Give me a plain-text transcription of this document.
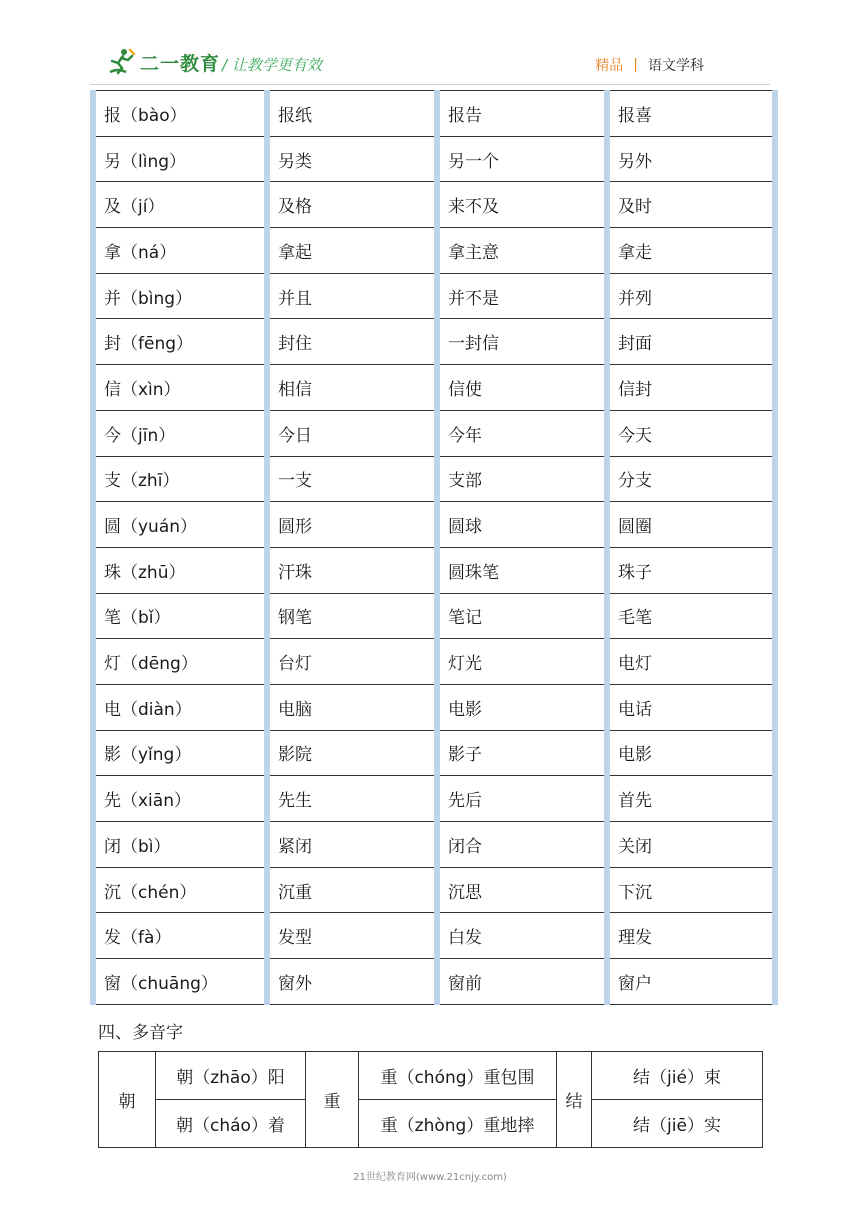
二一教育 / 让教学更有效	精品 | 语文学科
报（bào）	报纸	报告	报喜
另（lìng）	另类	另一个	另外
及（jí）	及格	来不及	及时
拿（ná）	拿起	拿主意	拿走
并（bìng）	并且	并不是	并列
封（fēng）	封住	一封信	封面
信（xìn）	相信	信使	信封
今（jīn）	今日	今年	今天
支（zhī）	一支	支部	分支
圆（yuán）	圆形	圆球	圆圈
珠（zhū）	汗珠	圆珠笔	珠子
笔（bǐ）	钢笔	笔记	毛笔
灯（dēng）	台灯	灯光	电灯
电（diàn）	电脑	电影	电话
影（yǐng）	影院	影子	电影
先（xiān）	先生	先后	首先
闭（bì）	紧闭	闭合	关闭
沉（chén）	沉重	沉思	下沉
发（fà）	发型	白发	理发
窗（chuāng）	窗外	窗前	窗户
四、多音字
朝	朝（zhāo）阳	重	重（chóng）重包围	结	结（jié）束
	朝（cháo）着		重（zhòng）重地摔		结（jiē）实
21世纪教育网(www.21cnjy.com)
